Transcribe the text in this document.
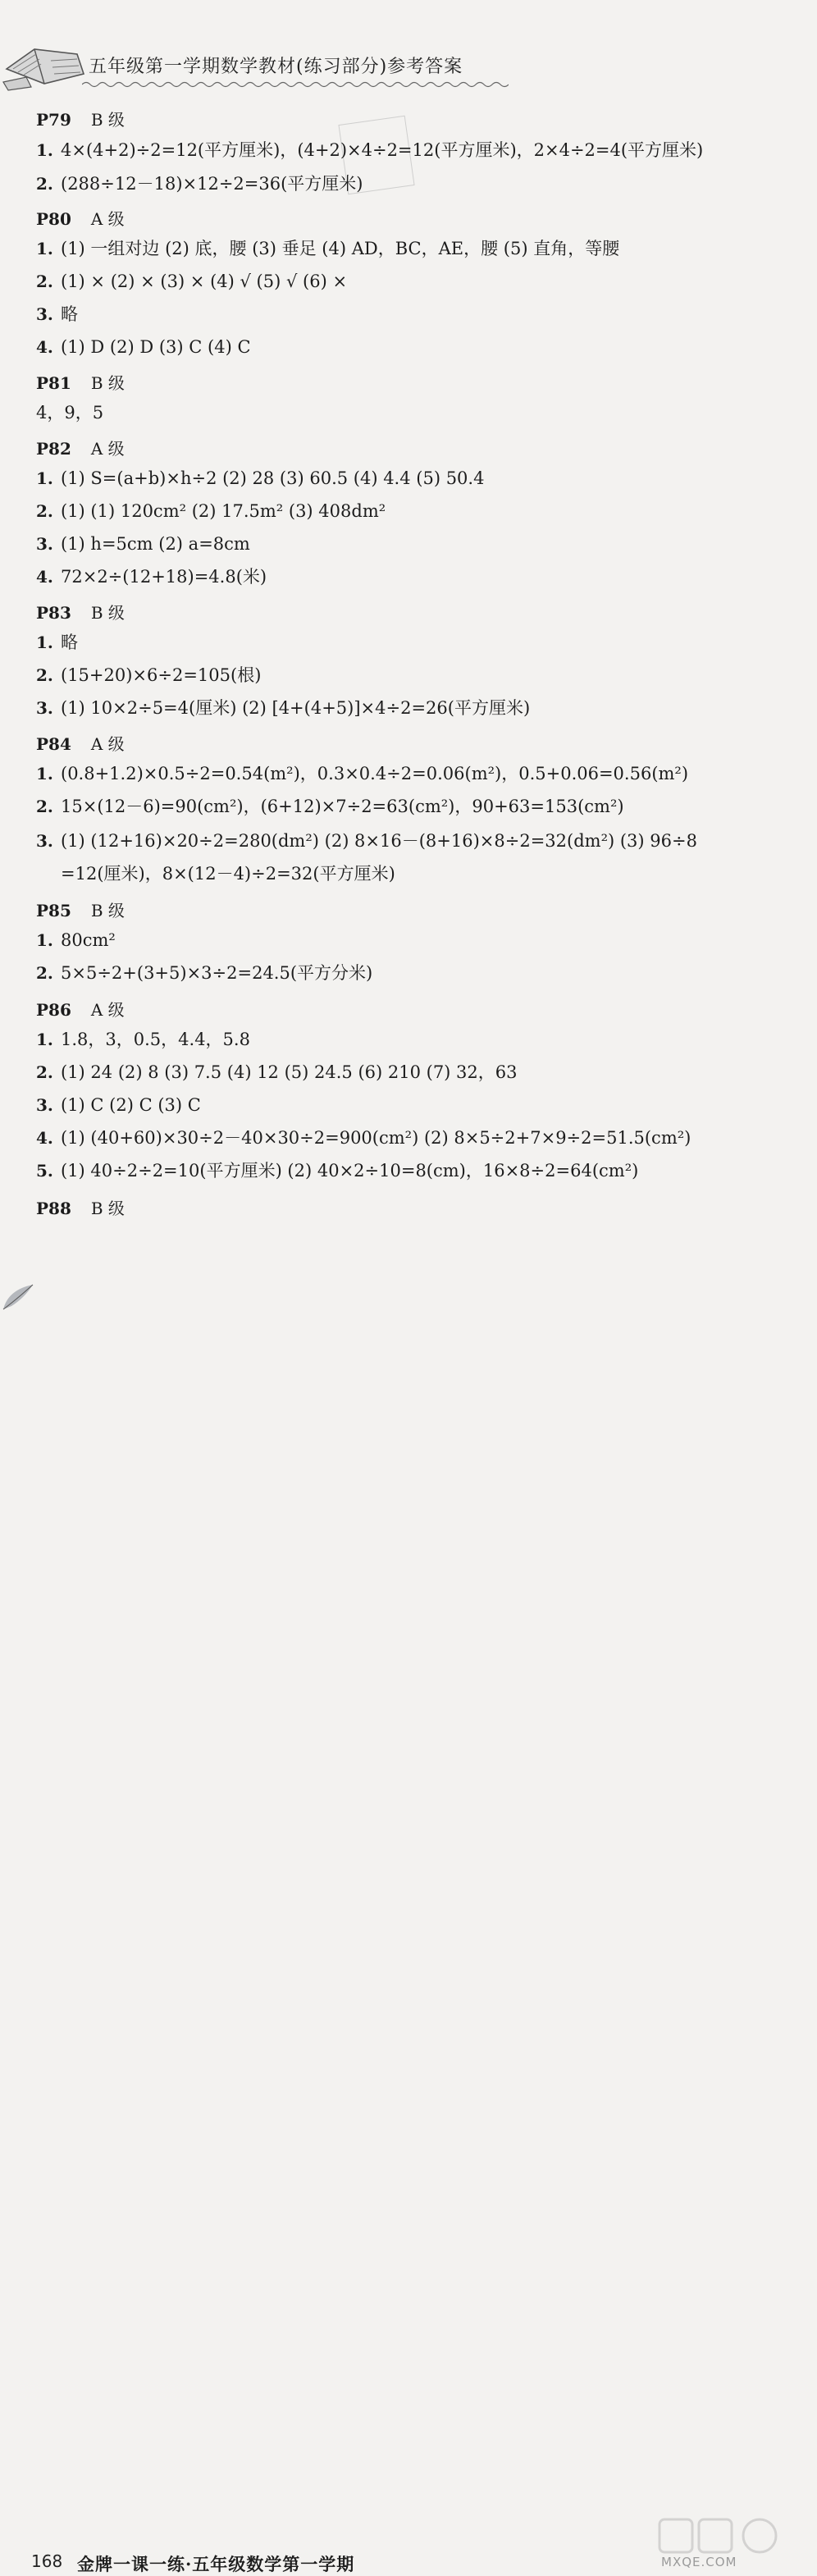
五年级第一学期数学教材(练习部分)参考答案
P79 B 级
1. 4×(4+2)÷2=12(平方厘米)，(4+2)×4÷2=12(平方厘米)，2×4÷2=4(平方厘米)
2. (288÷12－18)×12÷2=36(平方厘米)
P80 A 级
1. (1) 一组对边 (2) 底，腰 (3) 垂足 (4) AD，BC，AE，腰 (5) 直角，等腰
2. (1) × (2) × (3) × (4) √ (5) √ (6) ×
3. 略
4. (1) D (2) D (3) C (4) C
P81 B 级
4，9，5
P82 A 级
1. (1) S=(a+b)×h÷2 (2) 28 (3) 60.5 (4) 4.4 (5) 50.4
2. (1) (1) 120cm² (2) 17.5m² (3) 408dm²
3. (1) h=5cm (2) a=8cm
4. 72×2÷(12+18)=4.8(米)
P83 B 级
1. 略
2. (15+20)×6÷2=105(根)
3. (1) 10×2÷5=4(厘米) (2) [4+(4+5)]×4÷2=26(平方厘米)
P84 A 级
1. (0.8+1.2)×0.5÷2=0.54(m²)，0.3×0.4÷2=0.06(m²)，0.5+0.06=0.56(m²)
2. 15×(12－6)=90(cm²)，(6+12)×7÷2=63(cm²)，90+63=153(cm²)
3. (1) (12+16)×20÷2=280(dm²) (2) 8×16－(8+16)×8÷2=32(dm²) (3) 96÷8
=12(厘米)，8×(12－4)÷2=32(平方厘米)
P85 B 级
1. 80cm²
2. 5×5÷2+(3+5)×3÷2=24.5(平方分米)
P86 A 级
1. 1.8，3，0.5，4.4，5.8
2. (1) 24 (2) 8 (3) 7.5 (4) 12 (5) 24.5 (6) 210 (7) 32，63
3. (1) C (2) C (3) C
4. (1) (40+60)×30÷2－40×30÷2=900(cm²) (2) 8×5÷2+7×9÷2=51.5(cm²)
5. (1) 40÷2÷2=10(平方厘米) (2) 40×2÷10=8(cm)，16×8÷2=64(cm²)
P88 B 级
168 金牌一课一练·五年级数学第一学期	MXQE.COM
